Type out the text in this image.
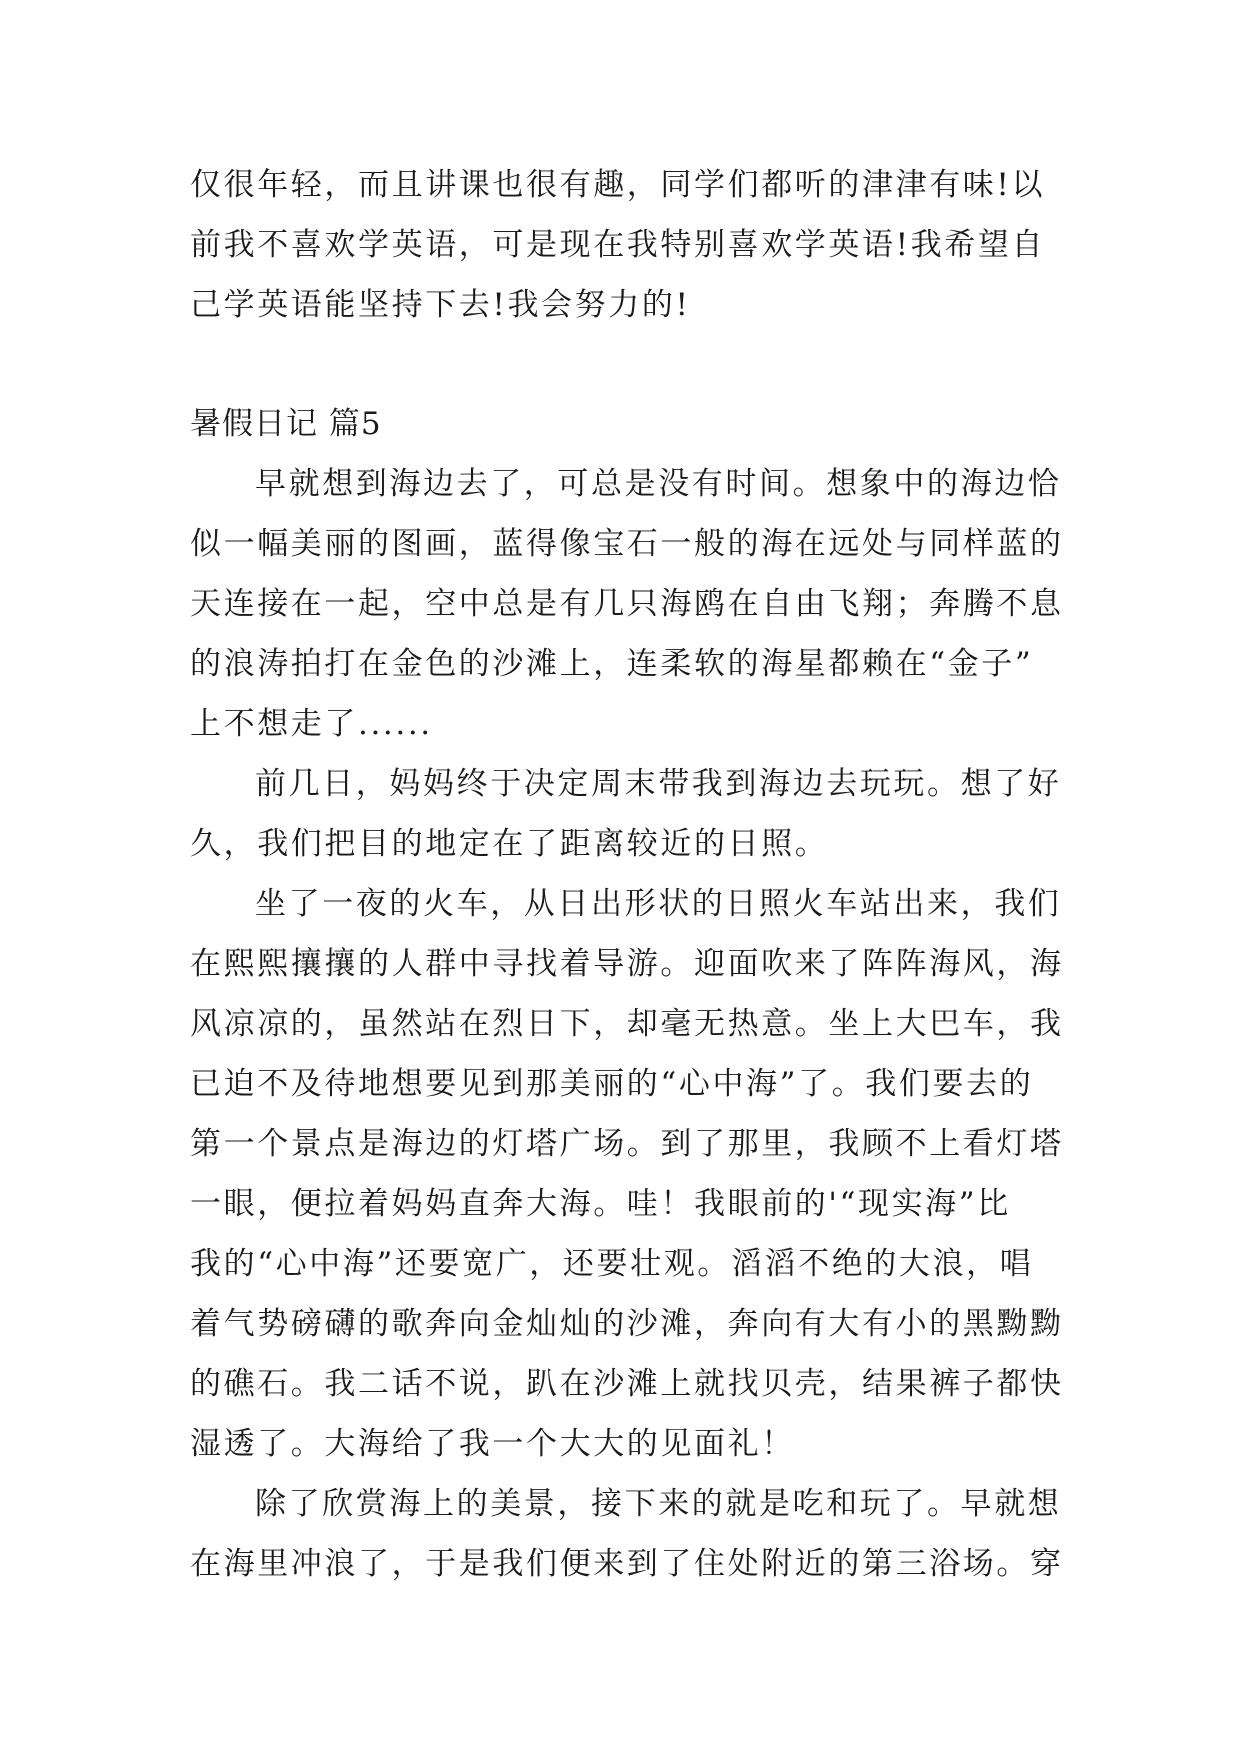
仅很年轻，而且讲课也很有趣，同学们都听的津津有味!以
前我不喜欢学英语，可是现在我特别喜欢学英语!我希望自
己学英语能坚持下去!我会努力的!
暑假日记 篇5
早就想到海边去了，可总是没有时间。想象中的海边恰
似一幅美丽的图画，蓝得像宝石一般的海在远处与同样蓝的
天连接在一起，空中总是有几只海鸥在自由飞翔；奔腾不息
的浪涛拍打在金色的沙滩上，连柔软的海星都赖在“金子”
上不想走了......
前几日，妈妈终于决定周末带我到海边去玩玩。想了好
久，我们把目的地定在了距离较近的日照。
坐了一夜的火车，从日出形状的日照火车站出来，我们
在熙熙攘攘的人群中寻找着导游。迎面吹来了阵阵海风，海
风凉凉的，虽然站在烈日下，却毫无热意。坐上大巴车，我
已迫不及待地想要见到那美丽的“心中海”了。我们要去的
第一个景点是海边的灯塔广场。到了那里，我顾不上看灯塔
一眼，便拉着妈妈直奔大海。哇！我眼前的'“现实海”比
我的“心中海”还要宽广，还要壮观。滔滔不绝的大浪，唱
着气势磅礴的歌奔向金灿灿的沙滩，奔向有大有小的黑黝黝
的礁石。我二话不说，趴在沙滩上就找贝壳，结果裤子都快
湿透了。大海给了我一个大大的见面礼！
除了欣赏海上的美景，接下来的就是吃和玩了。早就想
在海里冲浪了，于是我们便来到了住处附近的第三浴场。穿
